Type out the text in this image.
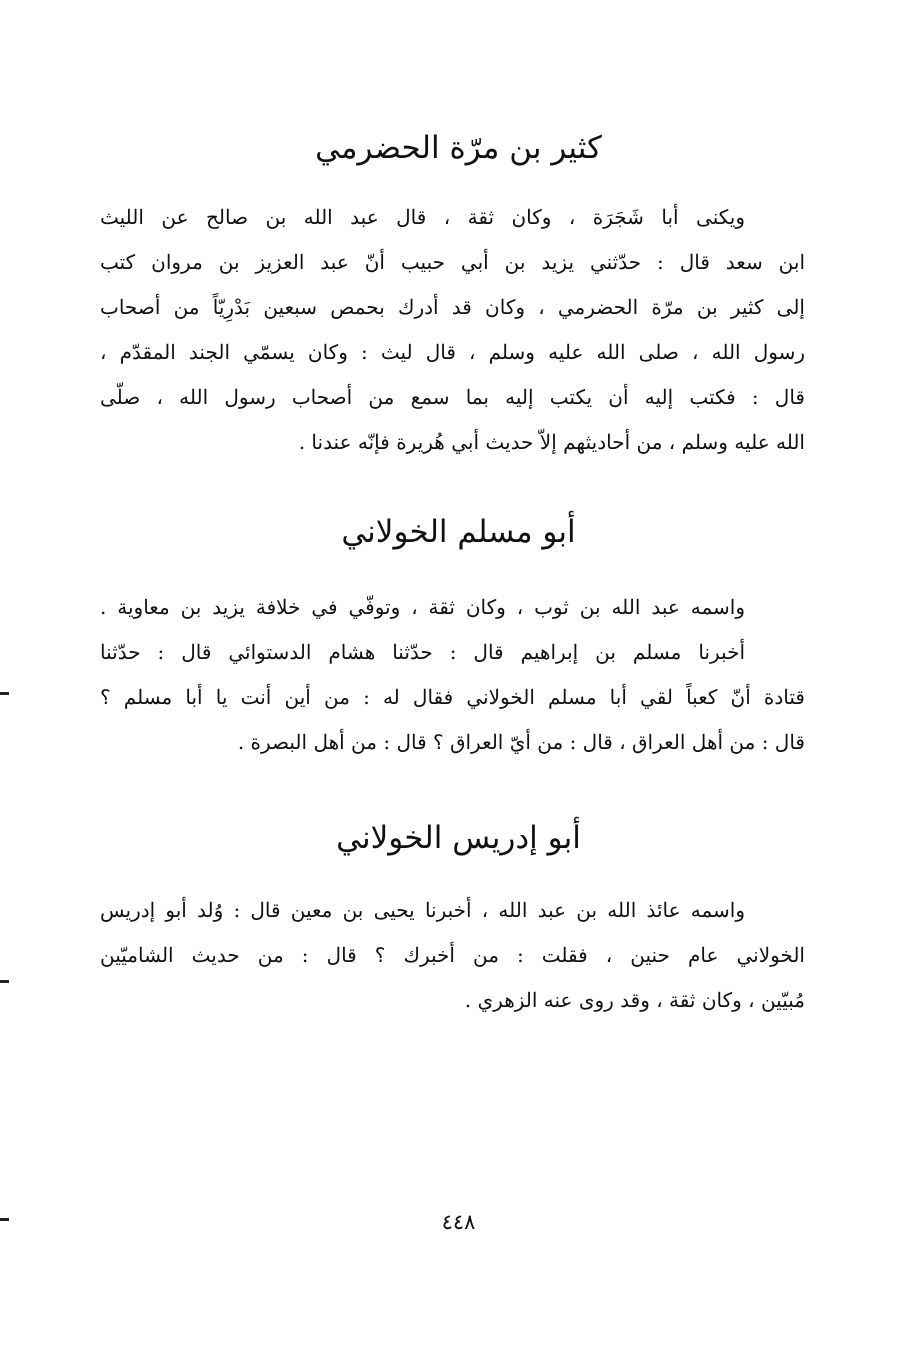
كثير بن مرّة الحضرمي
ويكنى أبا شَجَرَة ، وكان ثقة ، قال عبد الله بن صالح عن الليث
ابن سعد قال : حدّثني يزيد بن أبي حبيب أنّ عبد العزيز بن مروان كتب
إلى كثير بن مرّة الحضرمي ، وكان قد أدرك بحمص سبعين بَدْرِيّاً من أصحاب
رسول الله ، صلى الله عليه وسلم ، قال ليث : وكان يسمّي الجند المقدّم ،
قال : فكتب إليه أن يكتب إليه بما سمع من أصحاب رسول الله ، صلّى
الله عليه وسلم ، من أحاديثهم إلاّ حديث أبي هُريرة فإنّه عندنا .
أبو مسلم الخولاني
واسمه عبد الله بن ثوب ، وكان ثقة ، وتوفّي في خلافة يزيد بن معاوية .
أخبرنا مسلم بن إبراهيم قال : حدّثنا هشام الدستوائي قال : حدّثنا
قتادة أنّ كعباً لقي أبا مسلم الخولاني فقال له : من أين أنت يا أبا مسلم ؟
قال : من أهل العراق ، قال : من أيّ العراق ؟ قال : من أهل البصرة .
أبو إدريس الخولاني
واسمه عائذ الله بن عبد الله ، أخبرنا يحيى بن معين قال : وُلد أبو إدريس
الخولاني عام حنين ، فقلت : من أخبرك ؟ قال : من حديث الشاميّين
مُبيّين ، وكان ثقة ، وقد روى عنه الزهري .
٤٤٨
